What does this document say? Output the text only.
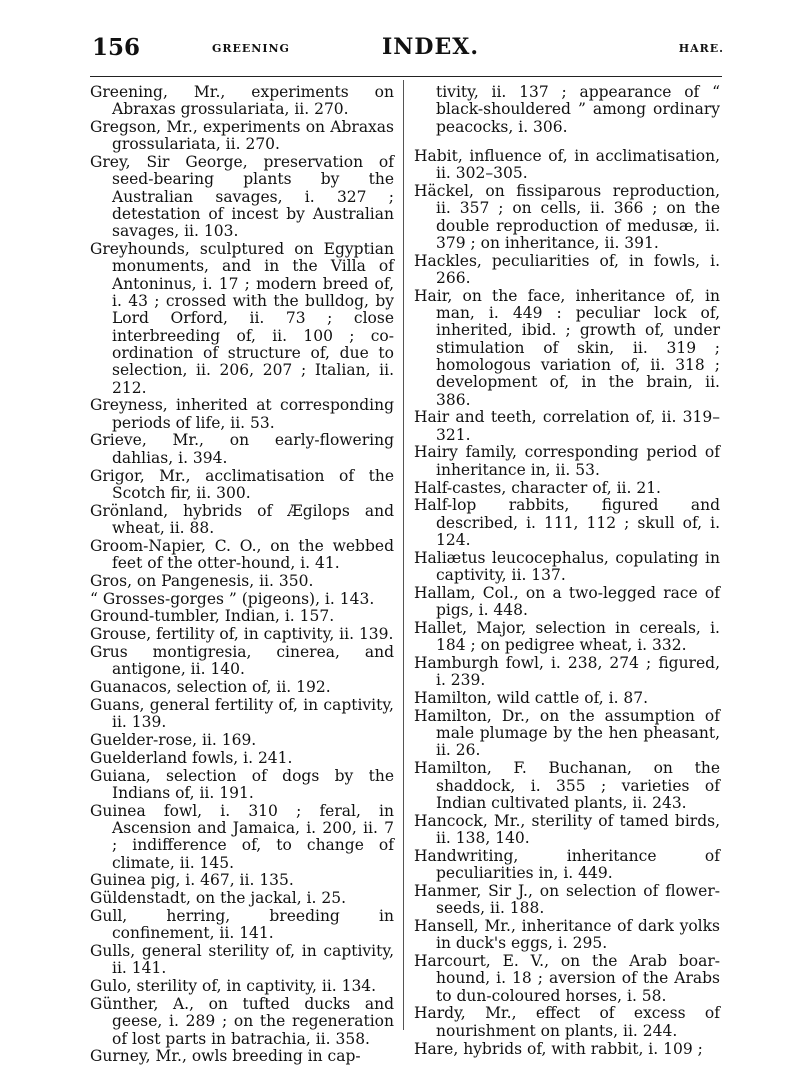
156	GREENING	INDEX.	HARE.

Greening, Mr., experiments on Abraxas grossulariata, ii. 270.

Gregson, Mr., experiments on Abraxas grossulariata, ii. 270.

Grey, Sir George, preservation of seed-bearing plants by the Australian savages, i. 327 ; detestation of incest by Australian savages, ii. 103.

Greyhounds, sculptured on Egyptian monuments, and in the Villa of Antoninus, i. 17 ; modern breed of, i. 43 ; crossed with the bulldog, by Lord Orford, ii. 73 ; close interbreeding of, ii. 100 ; co-ordination of structure of, due to selection, ii. 206, 207 ; Italian, ii. 212.

Greyness, inherited at corresponding periods of life, ii. 53.

Grieve, Mr., on early-flowering dahlias, i. 394.

Grigor, Mr., acclimatisation of the Scotch fir, ii. 300.

Grönland, hybrids of Ægilops and wheat, ii. 88.

Groom-Napier, C. O., on the webbed feet of the otter-hound, i. 41.

Gros, on Pangenesis, ii. 350.

“ Grosses-gorges ” (pigeons), i. 143.

Ground-tumbler, Indian, i. 157.

Grouse, fertility of, in captivity, ii. 139.

Grus montigresia, cinerea, and antigone, ii. 140.

Guanacos, selection of, ii. 192.

Guans, general fertility of, in captivity, ii. 139.

Guelder-rose, ii. 169.

Guelderland fowls, i. 241.

Guiana, selection of dogs by the Indians of, ii. 191.

Guinea fowl, i. 310 ; feral, in Ascension and Jamaica, i. 200, ii. 7 ; indifference of, to change of climate, ii. 145.

Guinea pig, i. 467, ii. 135.

Güldenstadt, on the jackal, i. 25.

Gull, herring, breeding in confinement, ii. 141.

Gulls, general sterility of, in captivity, ii. 141.

Gulo, sterility of, in captivity, ii. 134.

Günther, A., on tufted ducks and geese, i. 289 ; on the regeneration of lost parts in batrachia, ii. 358.

Gurney, Mr., owls breeding in cap-

tivity, ii. 137 ; appearance of “ black-shouldered ” among ordinary peacocks, i. 306.

Habit, influence of, in acclimatisation, ii. 302–305.

Häckel, on fissiparous reproduction, ii. 357 ; on cells, ii. 366 ; on the double reproduction of medusæ, ii. 379 ; on inheritance, ii. 391.

Hackles, peculiarities of, in fowls, i. 266.

Hair, on the face, inheritance of, in man, i. 449 : peculiar lock of, inherited, ibid. ; growth of, under stimulation of skin, ii. 319 ; homologous variation of, ii. 318 ; development of, in the brain, ii. 386.

Hair and teeth, correlation of, ii. 319–321.

Hairy family, corresponding period of inheritance in, ii. 53.

Half-castes, character of, ii. 21.

Half-lop rabbits, figured and described, i. 111, 112 ; skull of, i. 124.

Haliætus leucocephalus, copulating in captivity, ii. 137.

Hallam, Col., on a two-legged race of pigs, i. 448.

Hallet, Major, selection in cereals, i. 184 ; on pedigree wheat, i. 332.

Hamburgh fowl, i. 238, 274 ; figured, i. 239.

Hamilton, wild cattle of, i. 87.

Hamilton, Dr., on the assumption of male plumage by the hen pheasant, ii. 26.

Hamilton, F. Buchanan, on the shaddock, i. 355 ; varieties of Indian cultivated plants, ii. 243.

Hancock, Mr., sterility of tamed birds, ii. 138, 140.

Handwriting, inheritance of peculiarities in, i. 449.

Hanmer, Sir J., on selection of flower-seeds, ii. 188.

Hansell, Mr., inheritance of dark yolks in duck's eggs, i. 295.

Harcourt, E. V., on the Arab boar-hound, i. 18 ; aversion of the Arabs to dun-coloured horses, i. 58.

Hardy, Mr., effect of excess of nourishment on plants, ii. 244.

Hare, hybrids of, with rabbit, i. 109 ;
